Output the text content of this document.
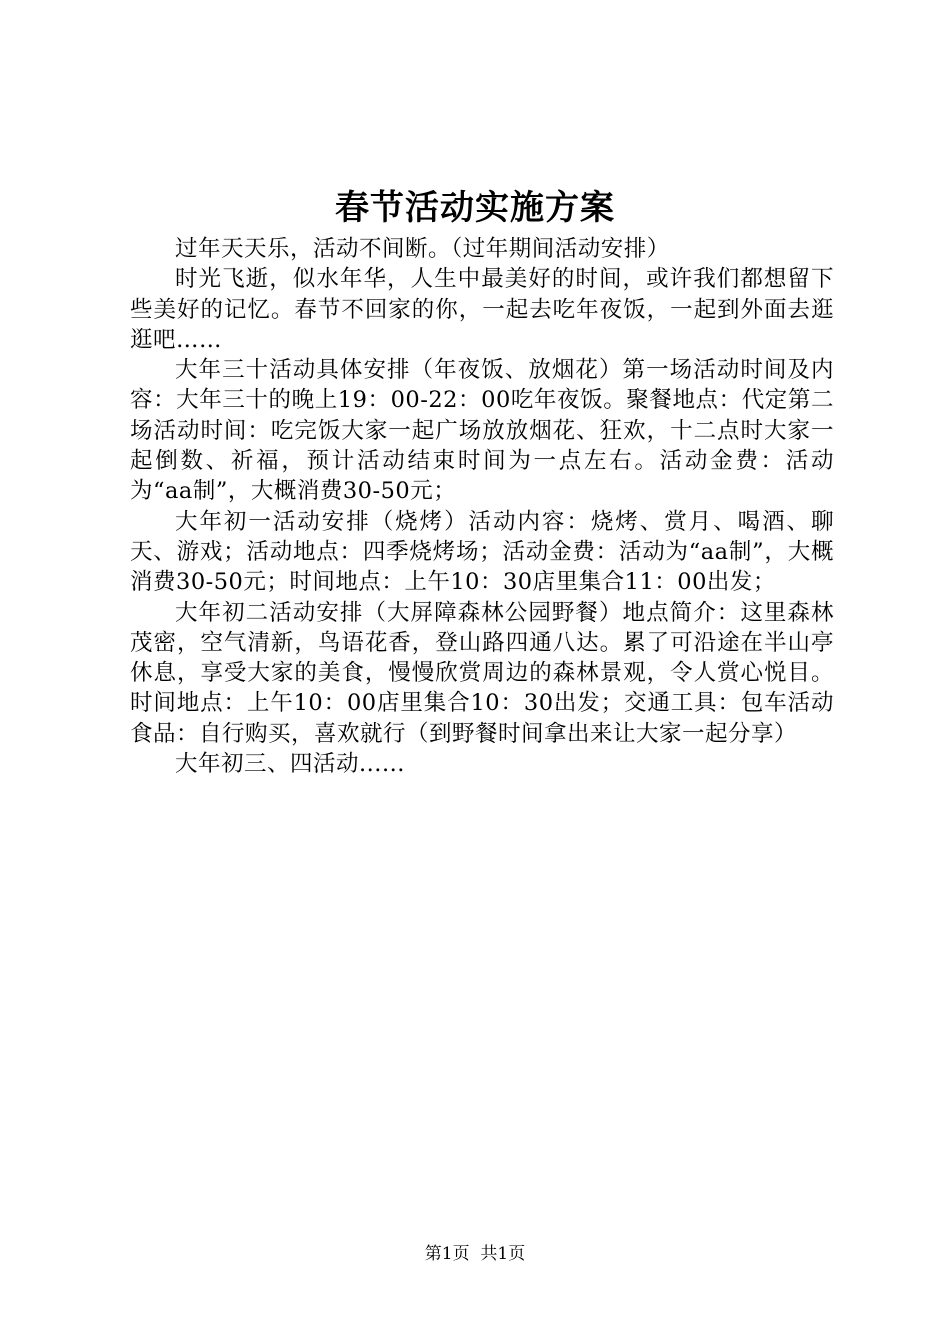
春节活动实施方案

过年天天乐，活动不间断。（过年期间活动安排）

时光飞逝，似水年华，人生中最美好的时间，或许我们都想留下些美好的记忆。春节不回家的你，一起去吃年夜饭，一起到外面去逛逛吧……

大年三十活动具体安排（年夜饭、放烟花）第一场活动时间及内容：大年三十的晚上19：00-22：00吃年夜饭。聚餐地点：代定第二场活动时间：吃完饭大家一起广场放放烟花、狂欢，十二点时大家一起倒数、祈福，预计活动结束时间为一点左右。活动金费：活动为“aa制”，大概消费30-50元；

大年初一活动安排（烧烤）活动内容：烧烤、赏月、喝酒、聊天、游戏；活动地点：四季烧烤场；活动金费：活动为“aa制”，大概消费30-50元；时间地点：上午10：30店里集合11：00出发；

大年初二活动安排（大屏障森林公园野餐）地点简介：这里森林茂密，空气清新，鸟语花香，登山路四通八达。累了可沿途在半山亭休息，享受大家的美食，慢慢欣赏周边的森林景观，令人赏心悦目。时间地点：上午10：00店里集合10：30出发；交通工具：包车活动食品：自行购买，喜欢就行（到野餐时间拿出来让大家一起分享）

大年初三、四活动......

第1页  共1页
